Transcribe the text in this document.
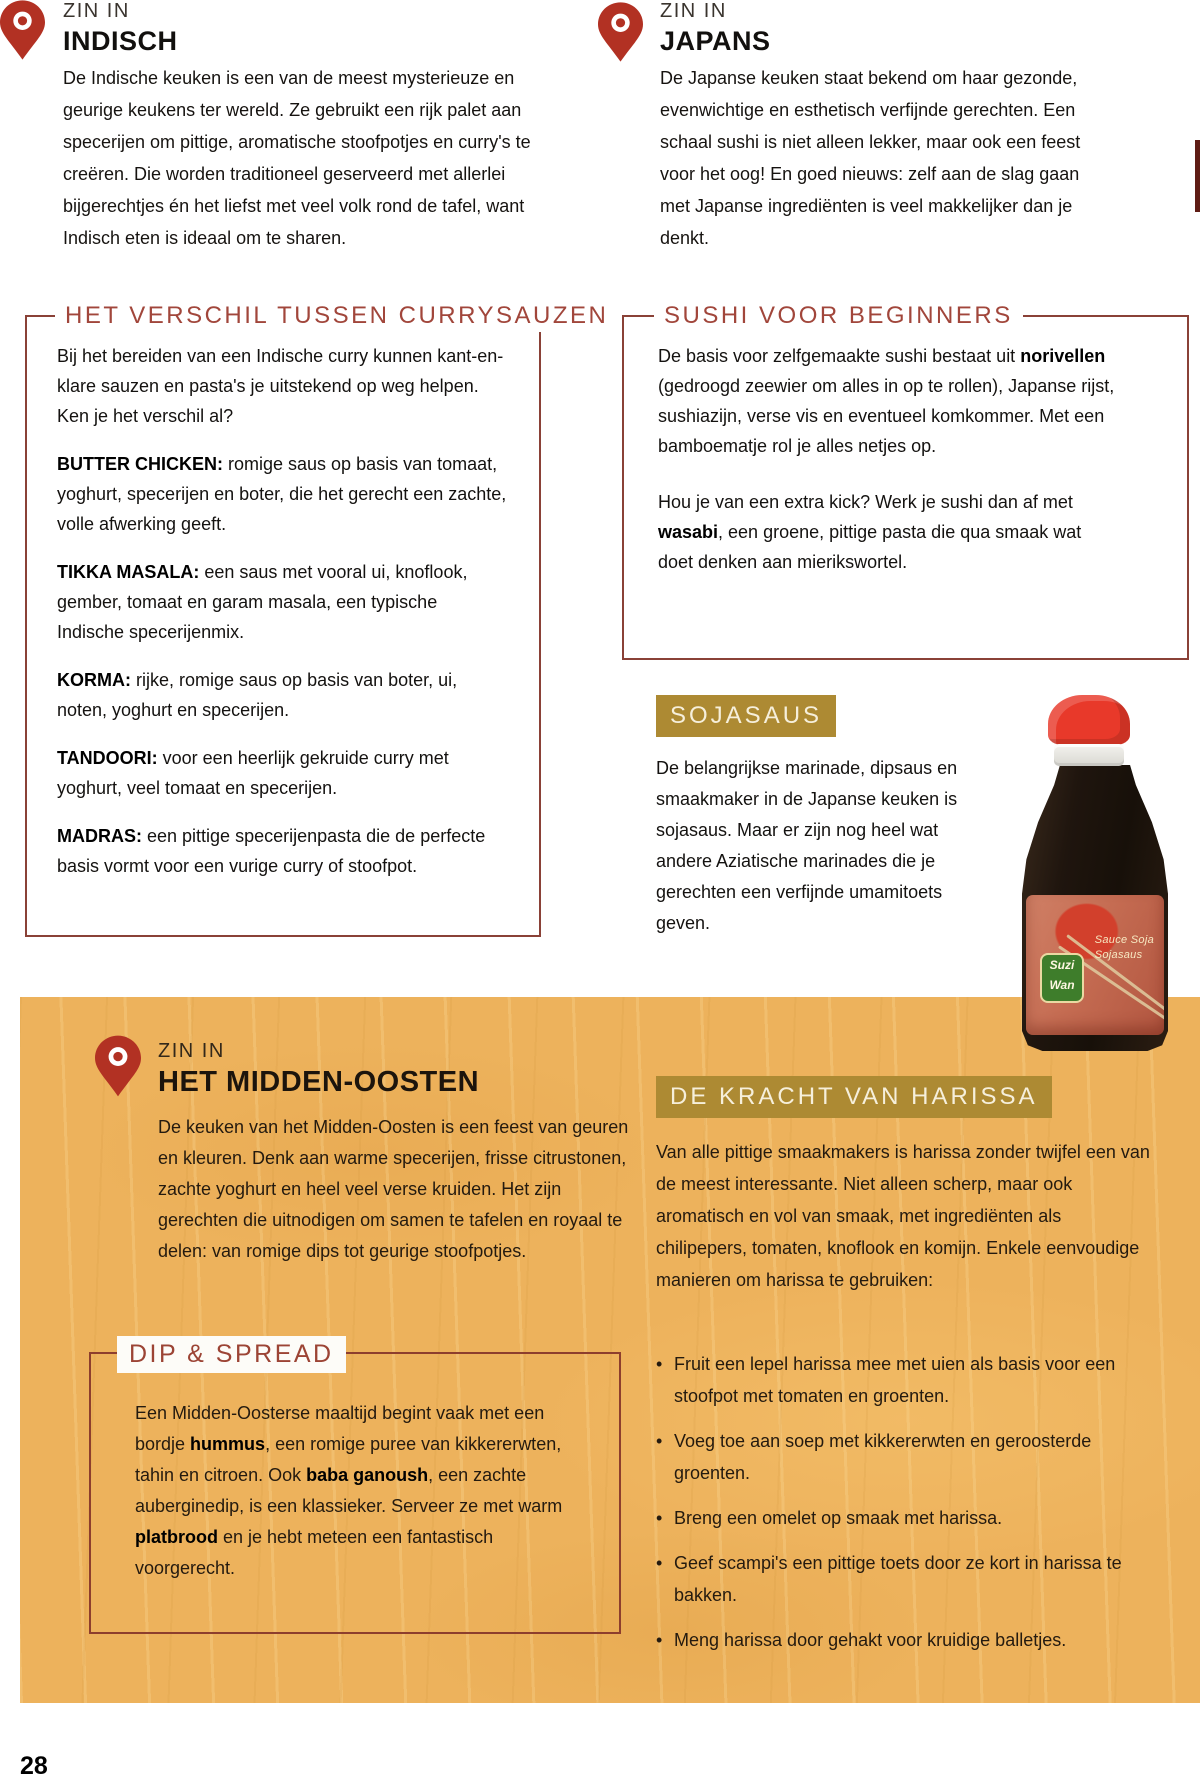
ZIN IN
INDISCH
De Indische keuken is een van de meest mysterieuze en geurige keukens ter wereld. Ze gebruikt een rijk palet aan specerijen om pittige, aromatische stoofpotjes en curry's te creëren. Die worden traditioneel geserveerd met allerlei bijgerechtjes én het liefst met veel volk rond de tafel, want Indisch eten is ideaal om te sharen.
ZIN IN
JAPANS
De Japanse keuken staat bekend om haar gezonde, evenwichtige en esthetisch verfijnde gerechten. Een schaal sushi is niet alleen lekker, maar ook een feest voor het oog! En goed nieuws: zelf aan de slag gaan met Japanse ingrediënten is veel makkelijker dan je denkt.
HET VERSCHIL TUSSEN CURRYSAUZEN
Bij het bereiden van een Indische curry kunnen kant-en-klare sauzen en pasta's je uitstekend op weg helpen. Ken je het verschil al?
BUTTER CHICKEN: romige saus op basis van tomaat, yoghurt, specerijen en boter, die het gerecht een zachte, volle afwerking geeft.
TIKKA MASALA: een saus met vooral ui, knoflook, gember, tomaat en garam masala, een typische Indische specerijenmix.
KORMA: rijke, romige saus op basis van boter, ui, noten, yoghurt en specerijen.
TANDOORI: voor een heerlijk gekruide curry met yoghurt, veel tomaat en specerijen.
MADRAS: een pittige specerijenpasta die de perfecte basis vormt voor een vurige curry of stoofpot.
SUSHI VOOR BEGINNERS
De basis voor zelfgemaakte sushi bestaat uit norivellen (gedroogd zeewier om alles in op te rollen), Japanse rijst, sushiazijn, verse vis en eventueel komkommer. Met een bamboematje rol je alles netjes op.
Hou je van een extra kick? Werk je sushi dan af met wasabi, een groene, pittige pasta die qua smaak wat doet denken aan mierikswortel.
SOJASAUS
De belangrijkse marinade, dipsaus en smaakmaker in de Japanse keuken is sojasaus. Maar er zijn nog heel wat andere Aziatische marinades die je gerechten een verfijnde umamitoets geven.
Suzi
Wan
Sauce Soja
Sojasaus
ZIN IN
HET MIDDEN-OOSTEN
De keuken van het Midden-Oosten is een feest van geuren en kleuren. Denk aan warme specerijen, frisse citrustonen, zachte yoghurt en heel veel verse kruiden. Het zijn gerechten die uitnodigen om samen te tafelen en royaal te delen: van romige dips tot geurige stoofpotjes.
DIP & SPREAD
Een Midden-Oosterse maaltijd begint vaak met een bordje hummus, een romige puree van kikkererwten, tahin en citroen. Ook baba ganoush, een zachte auberginedip, is een klassieker. Serveer ze met warm platbrood en je hebt meteen een fantastisch voorgerecht.
DE KRACHT VAN HARISSA
Van alle pittige smaakmakers is harissa zonder twijfel een van de meest interessante. Niet alleen scherp, maar ook aromatisch en vol van smaak, met ingrediënten als chilipepers, tomaten, knoflook en komijn. Enkele eenvoudige manieren om harissa te gebruiken:
•
Fruit een lepel harissa mee met uien als basis voor een stoofpot met tomaten en groenten.
•
Voeg toe aan soep met kikkererwten en geroosterde groenten.
•
Breng een omelet op smaak met harissa.
•
Geef scampi's een pittige toets door ze kort in harissa te bakken.
•
Meng harissa door gehakt voor kruidige balletjes.
28
